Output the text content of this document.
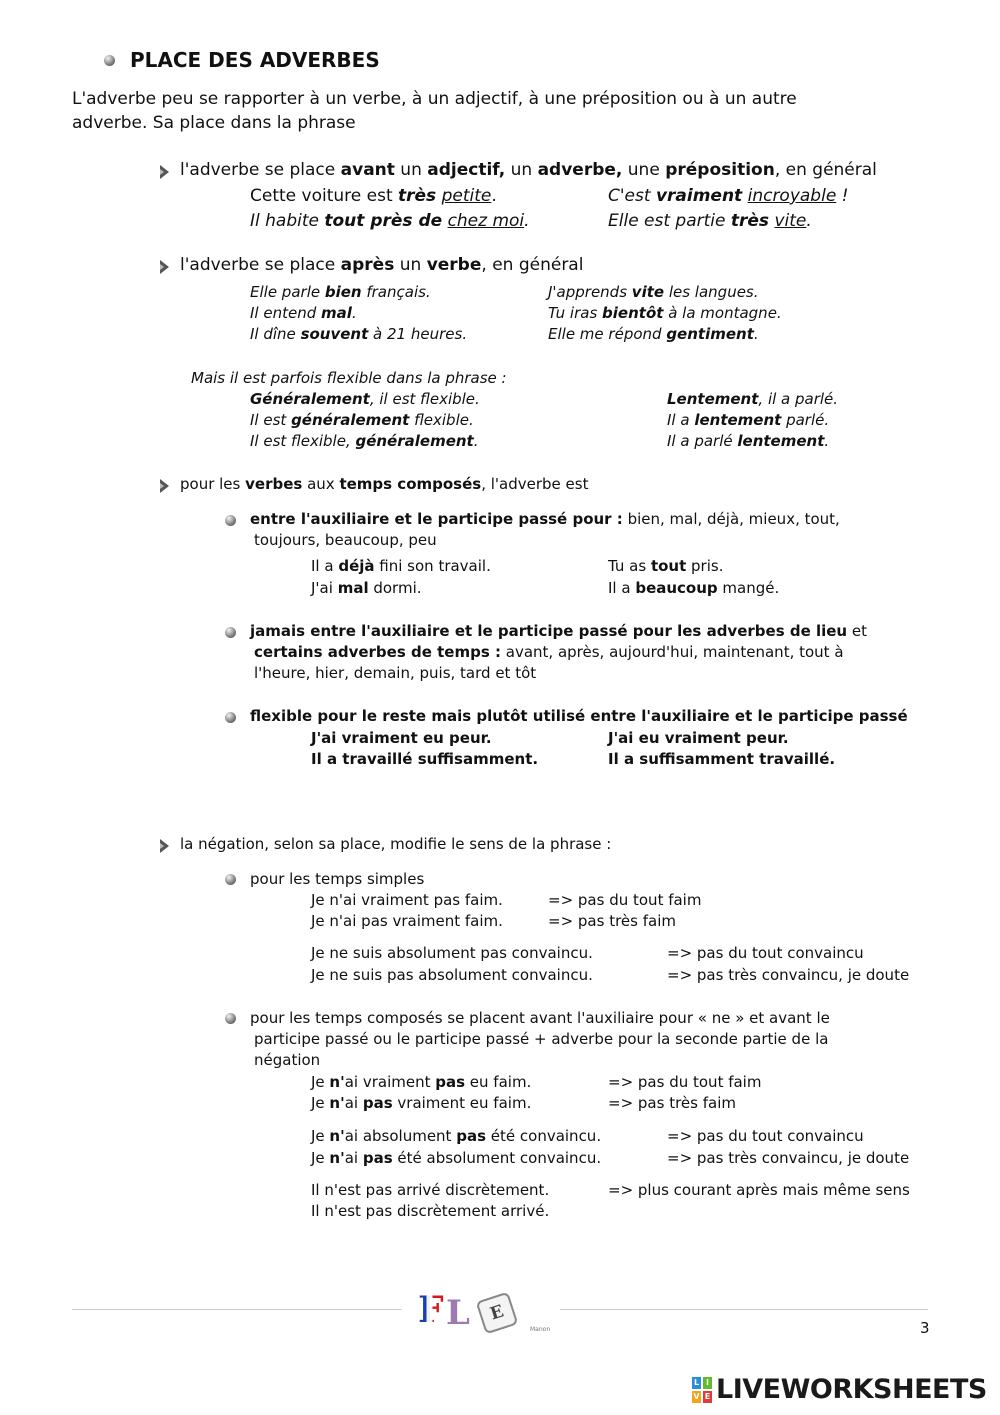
PLACE DES ADVERBES
L'adverbe peu se rapporter à un verbe, à un adjectif, à une préposition ou à un autre
adverbe. Sa place dans la phrase
l'adverbe se place avant un adjectif, un adverbe, une préposition, en général
Cette voiture est très petite.	C'est vraiment incroyable !
Il habite tout près de chez moi.	Elle est partie très vite.
l'adverbe se place après un verbe, en général
Elle parle bien français.	J'apprends vite les langues.
Il entend mal.	Tu iras bientôt à la montagne.
Il dîne souvent à 21 heures.	Elle me répond gentiment.
Mais il est parfois flexible dans la phrase :
Généralement, il est flexible.	Lentement, il a parlé.
Il est généralement flexible.	Il a lentement parlé.
Il est flexible, généralement.	Il a parlé lentement.
pour les verbes aux temps composés, l'adverbe est
entre l'auxiliaire et le participe passé pour : bien, mal, déjà, mieux, tout,
toujours, beaucoup, peu
Il a déjà fini son travail.	Tu as tout pris.
J'ai mal dormi.	Il a beaucoup mangé.
jamais entre l'auxiliaire et le participe passé pour les adverbes de lieu et
certains adverbes de temps : avant, après, aujourd'hui, maintenant, tout à
l'heure, hier, demain, puis, tard et tôt
flexible pour le reste mais plutôt utilisé entre l'auxiliaire et le participe passé
J'ai vraiment eu peur.	J'ai eu vraiment peur.
Il a travaillé suffisamment.	Il a suffisamment travaillé.
la négation, selon sa place, modifie le sens de la phrase :
pour les temps simples
Je n'ai vraiment pas faim.	=> pas du tout faim
Je n'ai pas vraiment faim.	=> pas très faim
Je ne suis absolument pas convaincu.	=> pas du tout convaincu
Je ne suis pas absolument convaincu.	=> pas très convaincu, je doute
pour les temps composés se placent avant l'auxiliaire pour « ne » et avant le
participe passé ou le participe passé + adverbe pour la seconde partie de la
négation
Je n'ai vraiment pas eu faim.	=> pas du tout faim
Je n'ai pas vraiment eu faim.	=> pas très faim
Je n'ai absolument pas été convaincu.	=> pas du tout convaincu
Je n'ai pas été absolument convaincu.	=> pas très convaincu, je doute
Il n'est pas arrivé discrètement.	=> plus courant après mais même sens
Il n'est pas discrètement arrivé.
F L	E
Manon	3
L I
V E LIVEWORKSHEETS
